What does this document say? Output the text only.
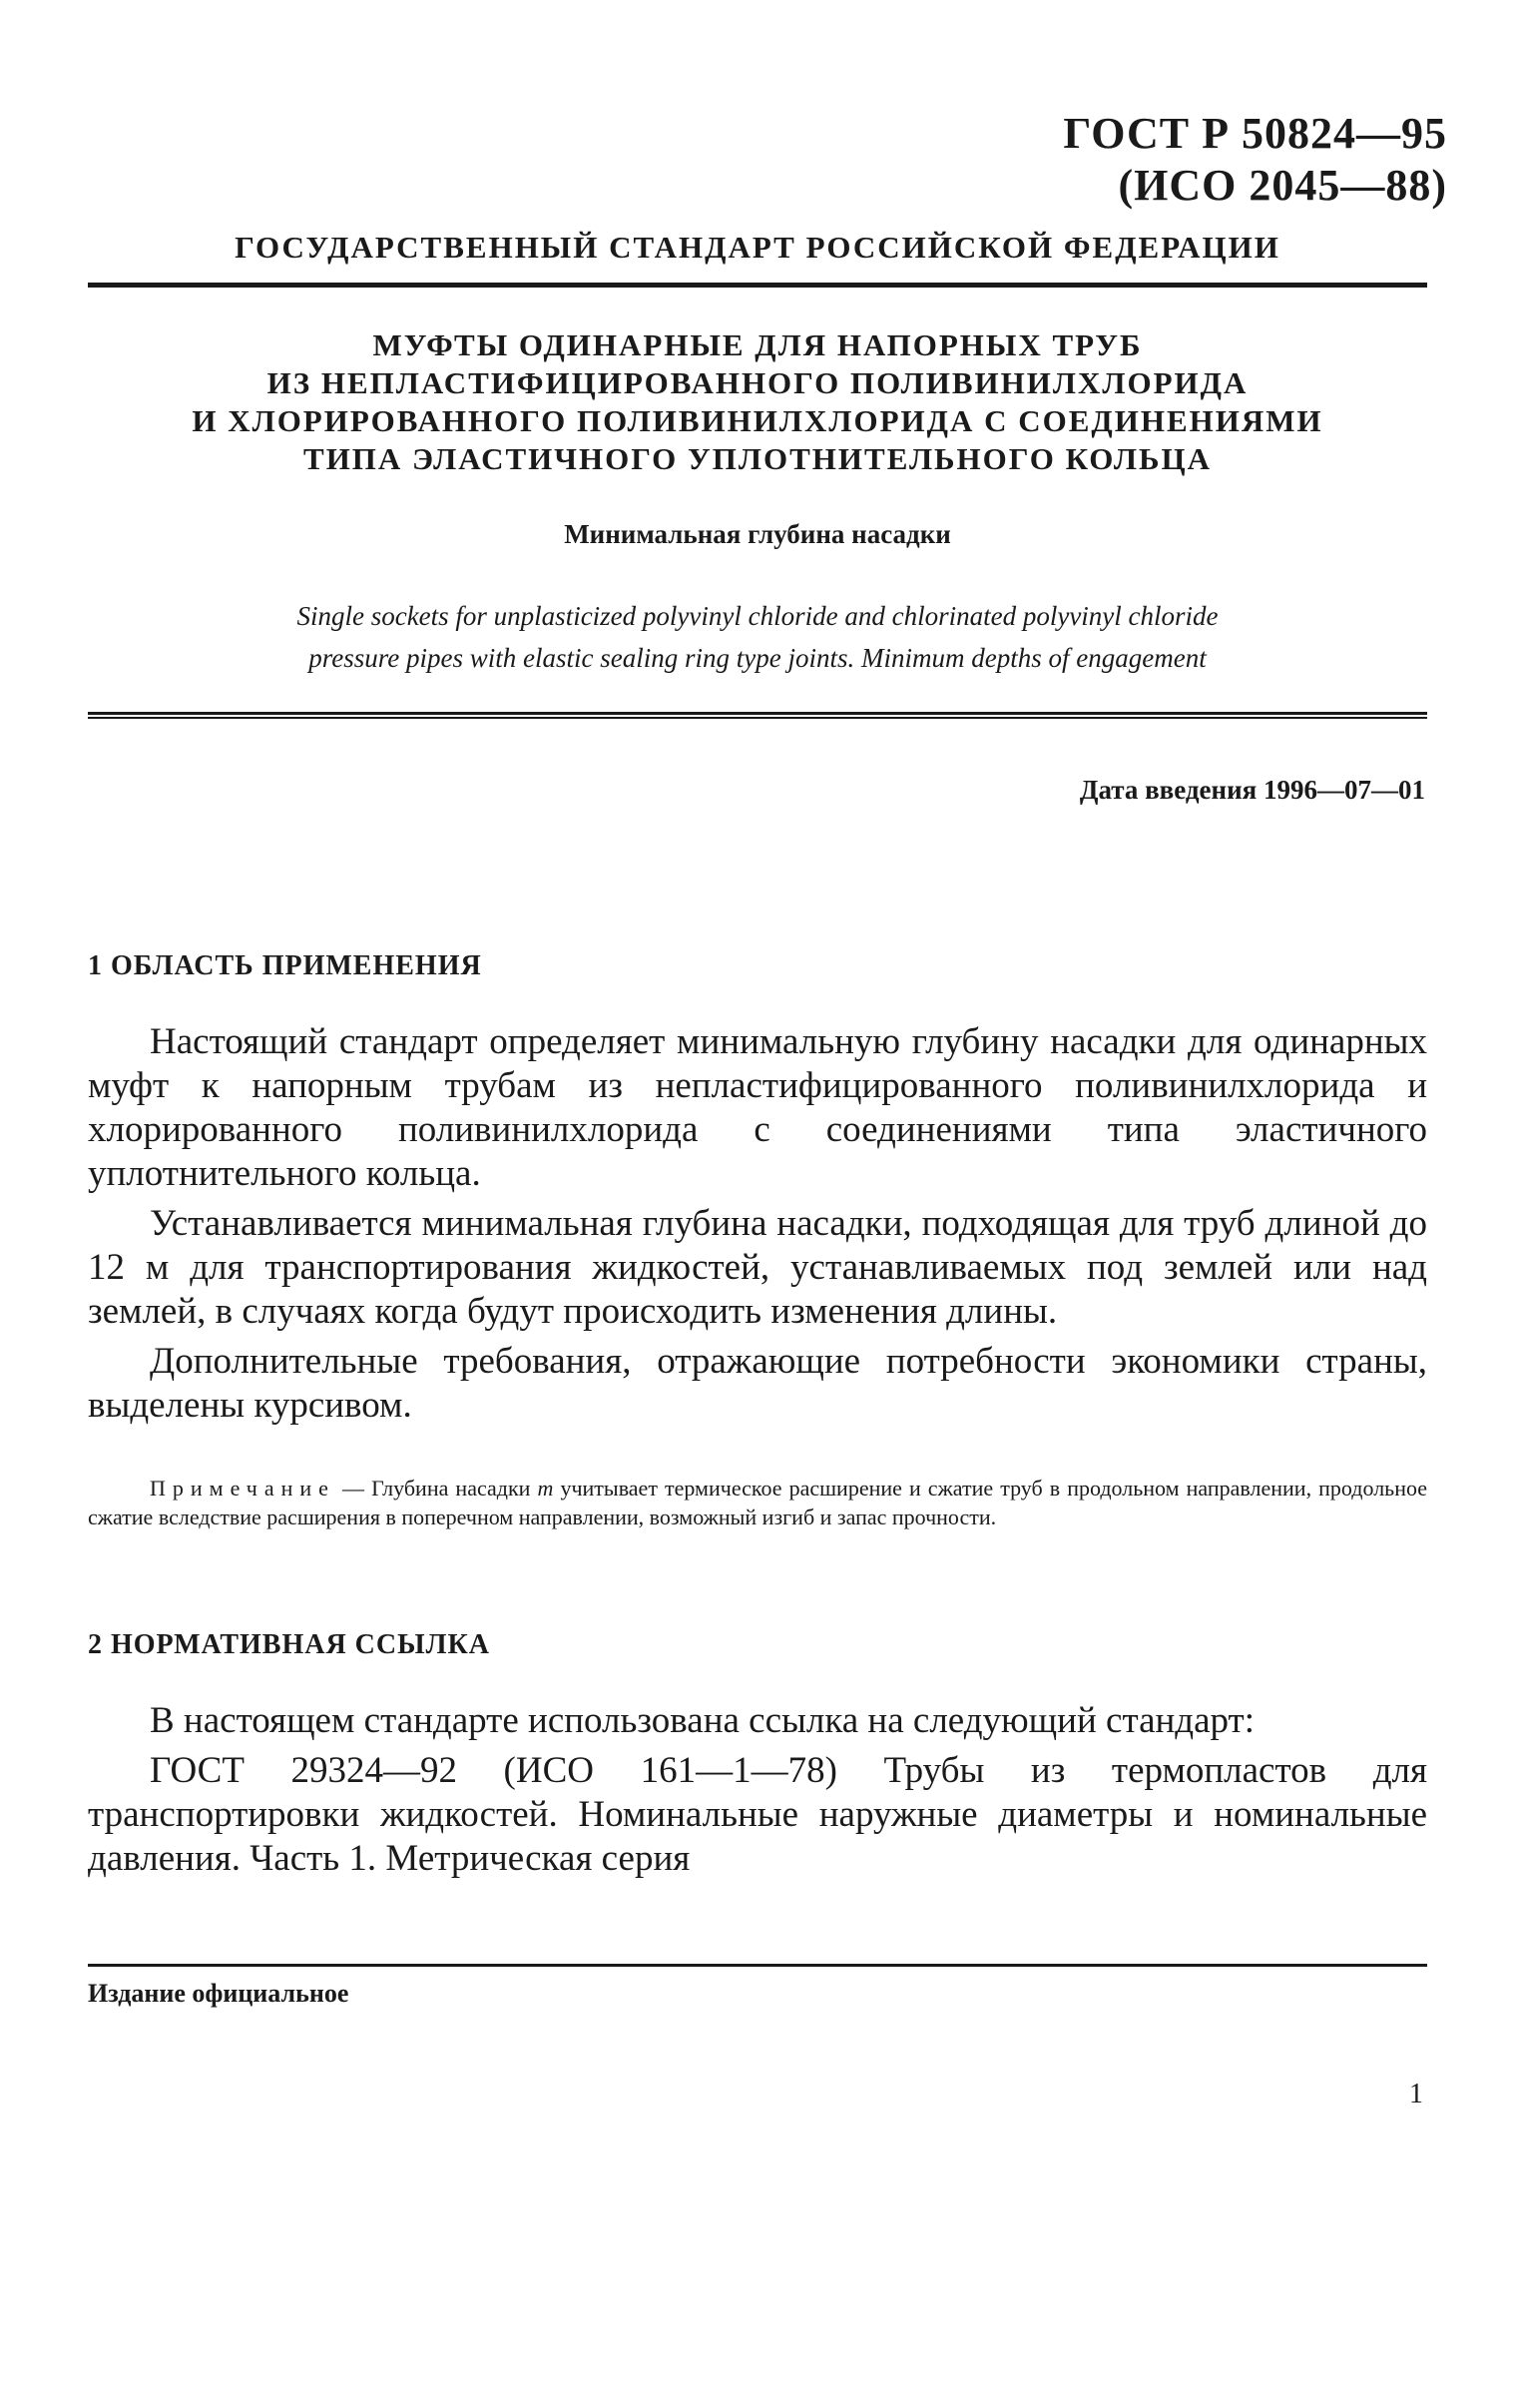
ГОСТ Р 50824—95
(ИСО 2045—88)
ГОСУДАРСТВЕННЫЙ СТАНДАРТ РОССИЙСКОЙ ФЕДЕРАЦИИ
МУФТЫ ОДИНАРНЫЕ ДЛЯ НАПОРНЫХ ТРУБ
ИЗ НЕПЛАСТИФИЦИРОВАННОГО ПОЛИВИНИЛХЛОРИДА
И ХЛОРИРОВАННОГО ПОЛИВИНИЛХЛОРИДА С СОЕДИНЕНИЯМИ
ТИПА ЭЛАСТИЧНОГО УПЛОТНИТЕЛЬНОГО КОЛЬЦА
Минимальная глубина насадки
Single sockets for unplasticized polyvinyl chloride and chlorinated polyvinyl chloride
pressure pipes with elastic sealing ring type joints. Minimum depths of engagement
Дата введения 1996—07—01
1 ОБЛАСТЬ ПРИМЕНЕНИЯ

Настоящий стандарт определяет минимальную глубину насадки для одинарных муфт к напорным трубам из непластифицированного поливинилхлорида и хлорированного поливинилхлорида с соединениями типа эластичного уплотнительного кольца.

Устанавливается минимальная глубина насадки, подходящая для труб длиной до 12 м для транспортирования жидкостей, устанавливаемых под землей или над землей, в случаях когда будут происходить изменения длины.

Дополнительные требования, отражающие потребности экономики страны, выделены курсивом.

Примечание — Глубина насадки m учитывает термическое расширение и сжатие труб в продольном направлении, продольное сжатие вследствие расширения в поперечном направлении, возможный изгиб и запас прочности.
2 НОРМАТИВНАЯ ССЫЛКА

В настоящем стандарте использована ссылка на следующий стандарт:

ГОСТ 29324—92 (ИСО 161—1—78) Трубы из термопластов для транспортировки жидкостей. Номинальные наружные диаметры и номинальные давления. Часть 1. Метрическая серия

Издание официальное
1
